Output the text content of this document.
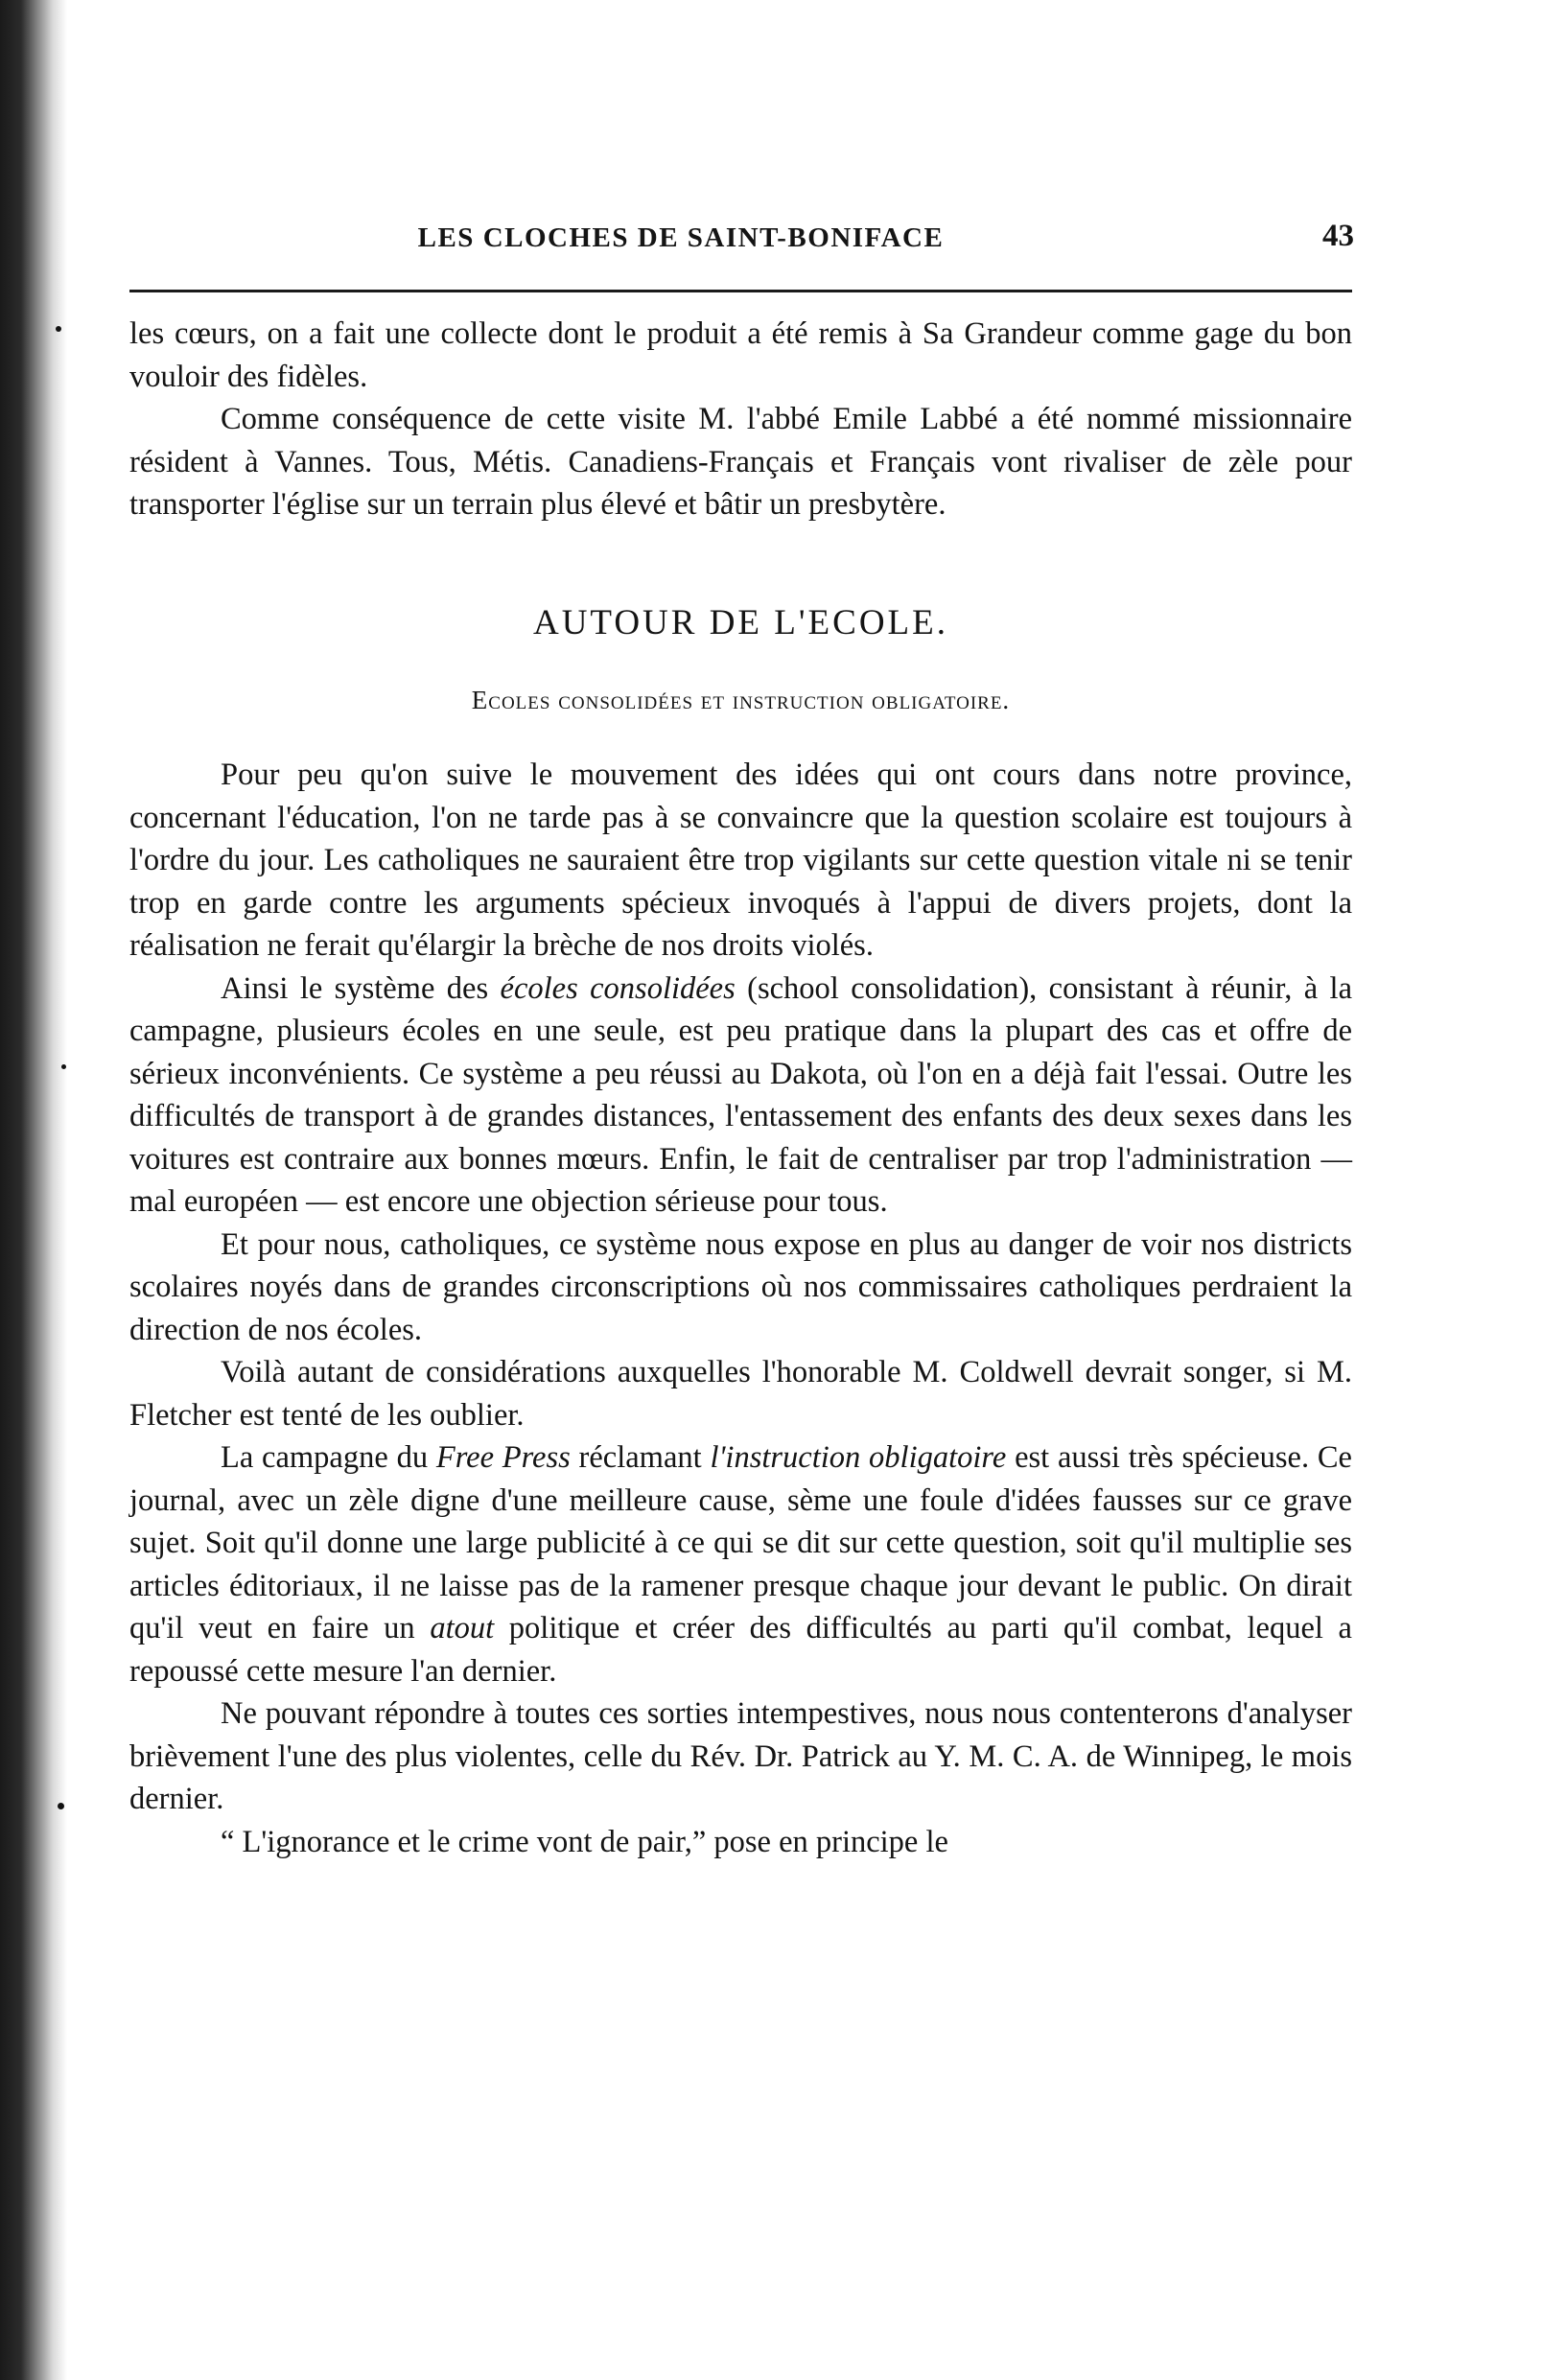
LES CLOCHES DE SAINT-BONIFACE	43

les cœurs, on a fait une collecte dont le produit a été remis à Sa Grandeur comme gage du bon vouloir des fidèles.

Comme conséquence de cette visite M. l'abbé Emile Labbé a été nommé missionnaire résident à Vannes. Tous, Métis. Canadiens-Français et Français vont rivaliser de zèle pour transporter l'église sur un terrain plus élevé et bâtir un presbytère.

AUTOUR DE L'ECOLE.
Ecoles consolidées et instruction obligatoire.

Pour peu qu'on suive le mouvement des idées qui ont cours dans notre province, concernant l'éducation, l'on ne tarde pas à se convaincre que la question scolaire est toujours à l'ordre du jour. Les catholiques ne sauraient être trop vigilants sur cette question vitale ni se tenir trop en garde contre les arguments spécieux invoqués à l'appui de divers projets, dont la réalisation ne ferait qu'élargir la brèche de nos droits violés.

Ainsi le système des écoles consolidées (school consolidation), consistant à réunir, à la campagne, plusieurs écoles en une seule, est peu pratique dans la plupart des cas et offre de sérieux inconvénients. Ce système a peu réussi au Dakota, où l'on en a déjà fait l'essai. Outre les difficultés de transport à de grandes distances, l'entassement des enfants des deux sexes dans les voitures est contraire aux bonnes mœurs. Enfin, le fait de centraliser par trop l'administration — mal européen — est encore une objection sérieuse pour tous.

Et pour nous, catholiques, ce système nous expose en plus au danger de voir nos districts scolaires noyés dans de grandes circonscriptions où nos commissaires catholiques perdraient la direction de nos écoles.

Voilà autant de considérations auxquelles l'honorable M. Coldwell devrait songer, si M. Fletcher est tenté de les oublier.

La campagne du Free Press réclamant l'instruction obligatoire est aussi très spécieuse. Ce journal, avec un zèle digne d'une meilleure cause, sème une foule d'idées fausses sur ce grave sujet. Soit qu'il donne une large publicité à ce qui se dit sur cette question, soit qu'il multiplie ses articles éditoriaux, il ne laisse pas de la ramener presque chaque jour devant le public. On dirait qu'il veut en faire un atout politique et créer des difficultés au parti qu'il combat, lequel a repoussé cette mesure l'an dernier.

Ne pouvant répondre à toutes ces sorties intempestives, nous nous contenterons d'analyser brièvement l'une des plus violentes, celle du Rév. Dr. Patrick au Y. M. C. A. de Winnipeg, le mois dernier.

“ L'ignorance et le crime vont de pair,” pose en principe le
